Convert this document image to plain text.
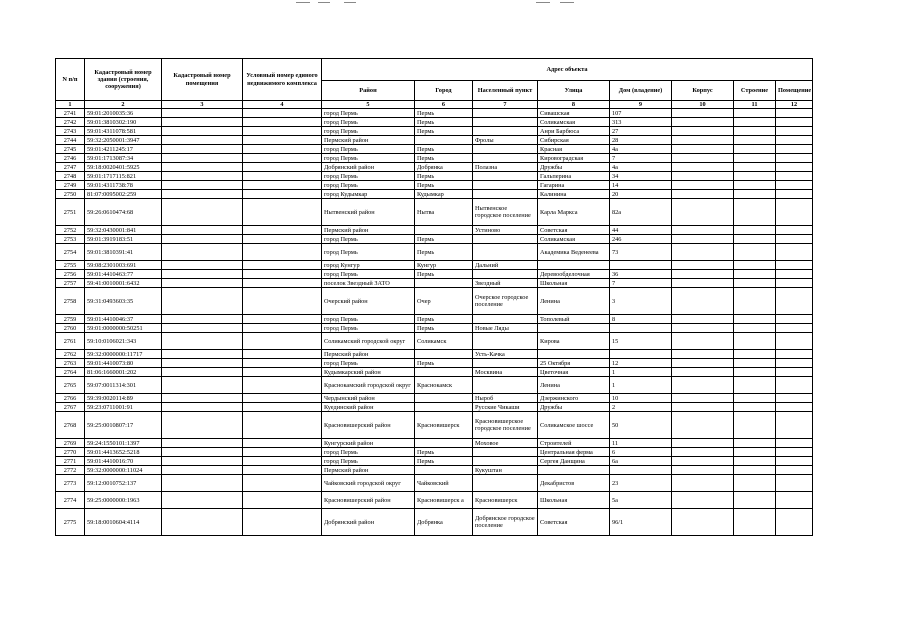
N п/п	Кадастровый номер здания (строения, сооружения)	Кадастровый номер помещения	Условный номер единого недвижимого комплекса	Адрес объекта							
				Район	Город	Населенный пункт	Улица	Дом (владение)	Корпус	Строение	Помещение
1	2	3	4	5	6	7	8	9	10	11	12
2741	59:01:2010035:36			город Пермь	Пермь		Сивашская	107			
2742	59:01:3810302:190			город Пермь	Пермь		Соликамская	313			
2743	59:01:4311078:581			город Пермь	Пермь		Анри Барбюса	27			
2744	59:32:2050001:3947			Пермский район		Фролы	Сибирская	28			
2745	59:01:4211245:17			город Пермь	Пермь		Красная	4а			
2746	59:01:1713087:34			город Пермь	Пермь		Кировоградская	7			
2747	59:18:0020401:5925			Добрянский район	Добрянка	Полазна	Дружбы	4а			
2748	59:01:1717115:821			город Пермь	Пермь		Гальперина	34			
2749	59:01:4311738:78			город Пермь	Пермь		Гагарина	14			
2750	81:07:0095002:259			город Кудымкар	Кудымкар		Калинина	20			
2751	59:26:0610474:68			Нытвенский район	Нытва	Нытвенское городское поселение	Карла Маркса	82а			
2752	59:32:0430001:841			Пермский район		Устиново	Советская	44			
2753	59:01:3919183:51			город Пермь	Пермь		Соликамская	246			
2754	59:01:3810391:41			город Пермь	Пермь		Академика Веденеева	73			
2755	59:08:2301003:691			город Кунгур	Кунгур	Дальний					
2756	59:01:4410463:77			город Пермь	Пермь		Деревообделочная	36			
2757	59:41:0010001:6432			поселок Звездный ЗАТО		Звездный	Школьная	7			
2758	59:31:0493603:35			Очерский район	Очер	Очерское городское поселение	Ленина	3			
2759	59:01:4410046:37			город Пермь	Пермь		Тополевый	8			
2760	59:01:0000000:50251			город Пермь	Пермь	Новые Ляды					
2761	59:10:0106021:343			Соликамский городской округ	Соликамск		Кирова	15			
2762	59:32:0000000:11717			Пермский район		Усть-Качка					
2763	59:01:4410073:80			город Пермь	Пермь		25 Октября	12			
2764	81:06:1660001:202			Кудымкарский район		Москвина	Цветочная	1			
2765	59:07:0011314:301			Краснокамский городской округ	Краснокамск		Ленина	1			
2766	59:39:0020114:89			Чердынский район		Ныроб	Дзержинского	10			
2767	59:23:0711001:91			Куединский район		Русские Чикаши	Дружбы	2			
2768	59:25:0010807:17			Красновишерский район	Красновишерск	Красновишерское городское поселение	Соликамское шоссе	50			
2769	59:24:1550101:1397			Кунгурский район		Моховое	Строителей	11			
2770	59:01:4413652:5218			город Пермь	Пермь		Центральная ферма	6			
2771	59:01:4410016:70			город Пермь	Пермь		Сергея Данщина	6а			
2772	59:32:0000000:11024			Пермский район		Кукуштан					
2773	59:12:0010752:137			Чайковский городской округ	Чайковский		Декабристов	23			
2774	59:25:0000000:1963			Красновишерский район	Красновишерск а	Красновишерск	Школьная	5а			
2775	59:18:0010604:4114			Добрянский район	Добрянка	Добрянское городское поселение	Советская	96/1			
